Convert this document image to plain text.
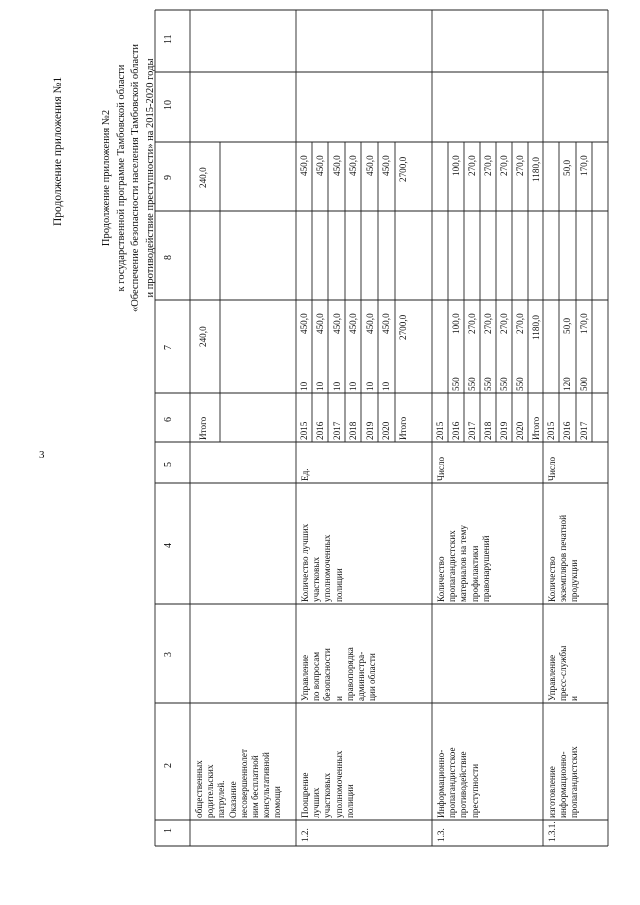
3
Продолжение приложения №1	Продолжение приложения №2 к государственной программе Тамбовской области «Обеспечение безопасности населения Тамбовской области и противодействие преступности» на 2015-2020 годы
1
2
3
4
5
6
7
8
9
10
11
общественных родительских патрулей. Оказание несовершеннолет ним бесплатной консультативной помощи
Итого
240,0
240,0
1.2.
Поощрение лучших участковых уполномоченных полиции
Управление по вопросам безопасности и правопорядка администра- ции области
Количество лучших участковых уполномоченных полиции
Ед.
2015 2016 2017 2018 2019 2020 Итого
10 10 10 10 10 10
450,0 450,0 450,0 450,0 450,0 450,0 2700,0
450,0 450,0 450,0 450,0 450,0 450,0 2700,0
1.3.
Информационно- пропагандистское противодействие преступности
Количество пропагандистских материалов на тему профилактики правонарушений
Число
2015 2016 2017 2018 2019 2020 Итого
550 550 550 550 550
100,0 270,0 270,0 270,0 270,0 1180,0
100,0 270,0 270,0 270,0 270,0 1180,0
1.3.1.
изготовление информационно- пропагандистских
Управление пресс-службы и
Количество экземпляров печатной продукции
Число
2015 2016 2017
120 500
50,0 170,0
50,0 170,0
